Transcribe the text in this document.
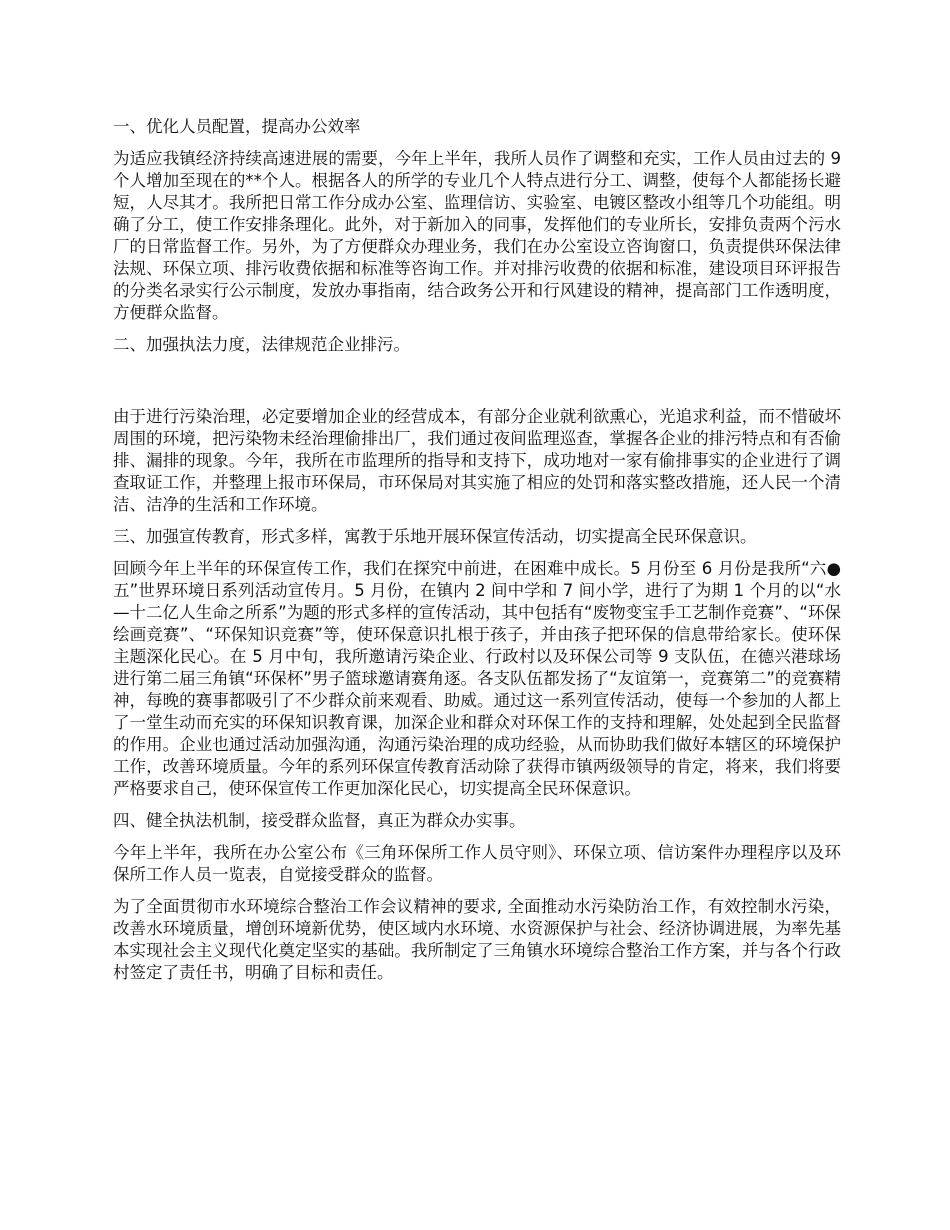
一、优化人员配置，提高办公效率
为适应我镇经济持续高速进展的需要，今年上半年，我所人员作了调整和充实，工作人员由过去的 9 个人增加至现在的**个人。根据各人的所学的专业几个人特点进行分工、调整，使每个人都能扬长避短，人尽其才。我所把日常工作分成办公室、监理信访、实验室、电镀区整改小组等几个功能组。明确了分工，使工作安排条理化。此外，对于新加入的同事，发挥他们的专业所长，安排负责两个污水厂的日常监督工作。另外，为了方便群众办理业务，我们在办公室设立咨询窗口，负责提供环保法律法规、环保立项、排污收费依据和标准等咨询工作。并对排污收费的依据和标准，建设项目环评报告的分类名录实行公示制度，发放办事指南，结合政务公开和行风建设的精神，提高部门工作透明度，方便群众监督。
二、加强执法力度，法律规范企业排污。
由于进行污染治理，必定要增加企业的经营成本，有部分企业就利欲熏心，光追求利益，而不惜破坏周围的环境，把污染物未经治理偷排出厂，我们通过夜间监理巡查，掌握各企业的排污特点和有否偷排、漏排的现象。今年，我所在市监理所的指导和支持下，成功地对一家有偷排事实的企业进行了调查取证工作，并整理上报市环保局，市环保局对其实施了相应的处罚和落实整改措施，还人民一个清洁、洁净的生活和工作环境。
三、加强宣传教育，形式多样，寓教于乐地开展环保宣传活动，切实提高全民环保意识。
回顾今年上半年的环保宣传工作，我们在探究中前进，在困难中成长。5 月份至 6 月份是我所“六●五”世界环境日系列活动宣传月。5 月份，在镇内 2 间中学和 7 间小学，进行了为期 1 个月的以“水—十二亿人生命之所系”为题的形式多样的宣传活动，其中包括有“废物变宝手工艺制作竞赛”、“环保绘画竞赛”、“环保知识竞赛”等，使环保意识扎根于孩子，并由孩子把环保的信息带给家长。使环保主题深化民心。在 5 月中旬，我所邀请污染企业、行政村以及环保公司等 9 支队伍，在德兴港球场进行第二届三角镇“环保杯”男子篮球邀请赛角逐。各支队伍都发扬了“友谊第一，竞赛第二”的竞赛精神，每晚的赛事都吸引了不少群众前来观看、助威。通过这一系列宣传活动，使每一个参加的人都上了一堂生动而充实的环保知识教育课，加深企业和群众对环保工作的支持和理解，处处起到全民监督的作用。企业也通过活动加强沟通，沟通污染治理的成功经验，从而协助我们做好本辖区的环境保护工作，改善环境质量。今年的系列环保宣传教育活动除了获得市镇两级领导的肯定，将来，我们将要严格要求自己，使环保宣传工作更加深化民心，切实提高全民环保意识。
四、健全执法机制，接受群众监督，真正为群众办实事。
今年上半年，我所在办公室公布《三角环保所工作人员守则》、环保立项、信访案件办理程序以及环保所工作人员一览表，自觉接受群众的监督。
为了全面贯彻市水环境综合整治工作会议精神的要求, 全面推动水污染防治工作，有效控制水污染，改善水环境质量，增创环境新优势，使区域内水环境、水资源保护与社会、经济协调进展，为率先基本实现社会主义现代化奠定坚实的基础。我所制定了三角镇水环境综合整治工作方案，并与各个行政村签定了责任书，明确了目标和责任。
